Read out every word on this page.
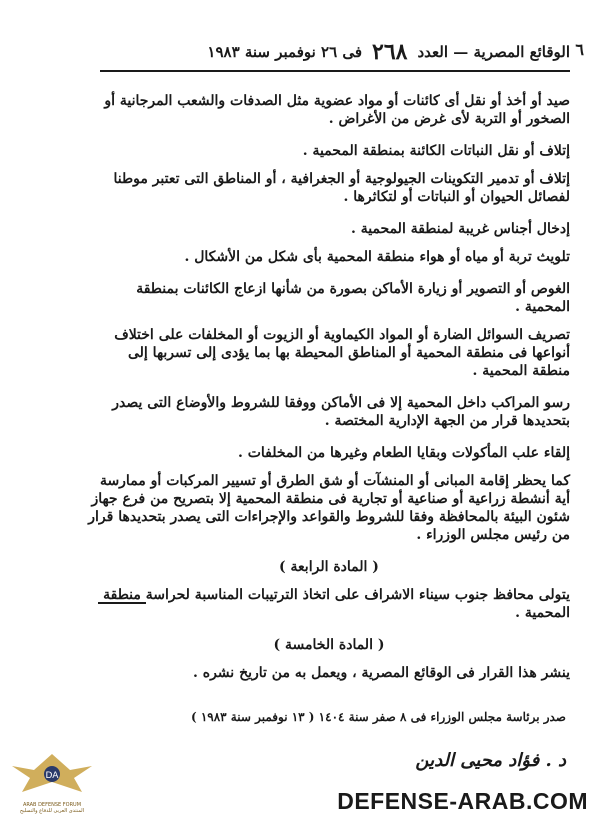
٦
الوقائع المصرية — العدد
٢٦٨
فى ٢٦ نوفمبر سنة ١٩٨٣

صيد أو أخذ أو نقل أى كائنات أو مواد عضوية مثل الصدفات والشعب المرجانية أو الصخور أو التربة لأى غرض من الأغراض .

إتلاف أو نقل النباتات الكائنة بمنطقة المحمية .

إتلاف أو تدمير التكوينات الجيولوجية أو الجغرافية ، أو المناطق التى تعتبر موطنا لفصائل الحيوان أو النباتات أو لتكاثرها .

إدخال أجناس غريبة لمنطقة المحمية .

تلويث تربة أو مياه أو هواء منطقة المحمية بأى شكل من الأشكال .

الغوص أو التصوير أو زيارة الأماكن بصورة من شأنها ازعاج الكائنات بمنطقة المحمية .

تصريف السوائل الضارة أو المواد الكيماوية أو الزيوت أو المخلفات على اختلاف أنواعها فى منطقة المحمية أو المناطق المحيطة بها بما يؤدى إلى تسربها إلى منطقة المحمية .

رسو المراكب داخل المحمية إلا فى الأماكن ووفقا للشروط والأوضاع التى يصدر بتحديدها قرار من الجهة الإدارية المختصة .

إلقاء علب المأكولات وبقايا الطعام وغيرها من المخلفات .

كما يحظر إقامة المبانى أو المنشآت أو شق الطرق أو تسيير المركبات أو ممارسة أية أنشطة زراعية أو صناعية أو تجارية فى منطقة المحمية إلا بتصريح من فرع جهاز شئون البيئة بالمحافظة وفقا للشروط والقواعد والإجراءات التى يصدر بتحديدها قرار من رئيس مجلس الوزراء .

( المادة الرابعة )

يتولى محافظ جنوب سيناء الاشراف على اتخاذ الترتيبات المناسبة لحراسة منطقة المحمية .

( المادة الخامسة )

ينشر هذا القرار فى الوقائع المصرية ، ويعمل به من تاريخ نشره .

صدر برئاسة مجلس الوزراء فى ٨ صفر سنة ١٤٠٤ ( ١٣ نوفمبر سنة ١٩٨٣ )
د . فؤاد محيى الدين
DA
ARAB DEFENSE FORUM
المنتدى العربى للدفاع والتسليح	DEFENSE-ARAB.COM
